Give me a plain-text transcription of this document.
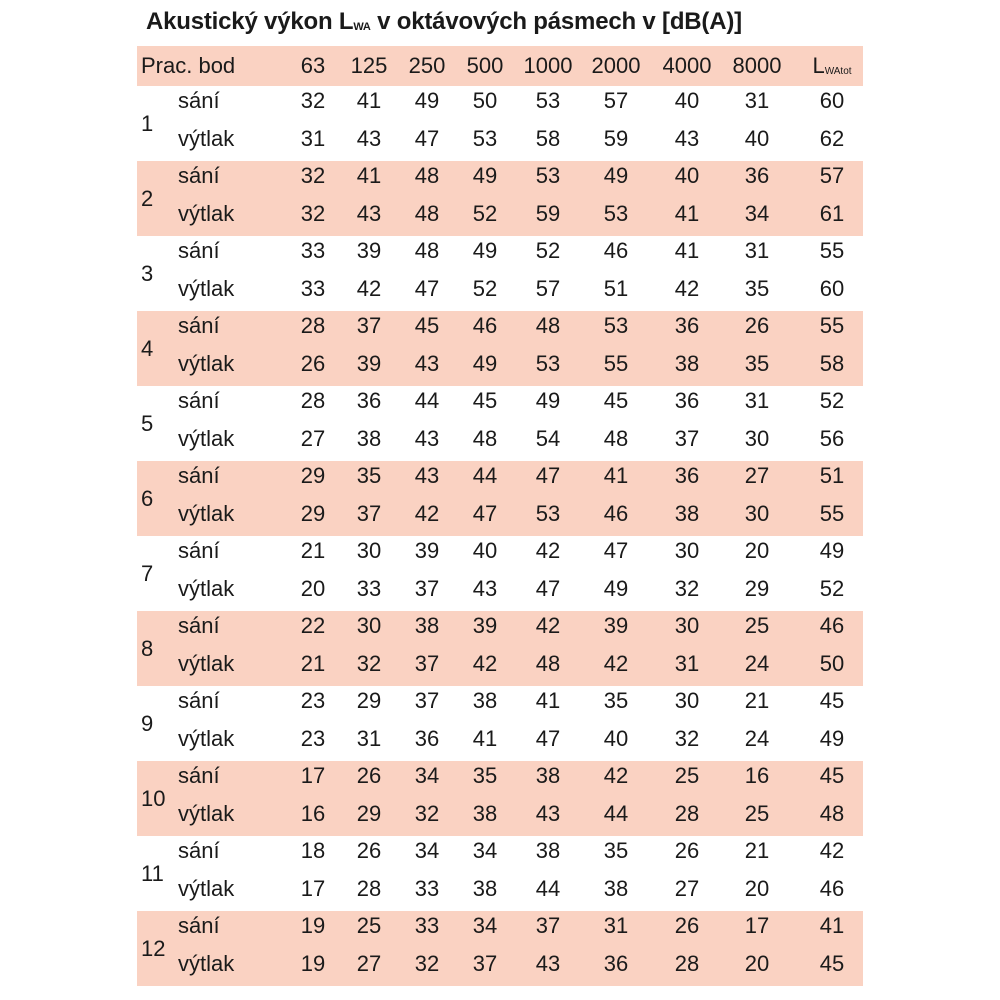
Akustický výkon $L_{WA}$ v oktávových pásmech v [dB(A)]
Prac. bod	63 125 250 500 1000 2000 4000 8000 $L_{WAtot}$
1
sání	32 41 49 50 53 57 40 31 60
výtlak	31 43 47 53 58 59 43 40 62
2
sání	32 41 48 49 53 49 40 36 57
výtlak	32 43 48 52 59 53 41 34 61
3
sání	33 39 48 49 52 46 41 31 55
výtlak	33 42 47 52 57 51 42 35 60
4
sání	28 37 45 46 48 53 36 26 55
výtlak	26 39 43 49 53 55 38 35 58
5
sání	28 36 44 45 49 45 36 31 52
výtlak	27 38 43 48 54 48 37 30 56
6
sání	29 35 43 44 47 41 36 27 51
výtlak	29 37 42 47 53 46 38 30 55
7
sání	21 30 39 40 42 47 30 20 49
výtlak	20 33 37 43 47 49 32 29 52
8
sání	22 30 38 39 42 39 30 25 46
výtlak	21 32 37 42 48 42 31 24 50
9
sání	23 29 37 38 41 35 30 21 45
výtlak	23 31 36 41 47 40 32 24 49
10
sání	17 26 34 35 38 42 25 16 45
výtlak	16 29 32 38 43 44 28 25 48
11
sání	18 26 34 34 38 35 26 21 42
výtlak	17 28 33 38 44 38 27 20 46
12
sání	19 25 33 34 37 31 26 17 41
výtlak	19 27 32 37 43 36 28 20 45
